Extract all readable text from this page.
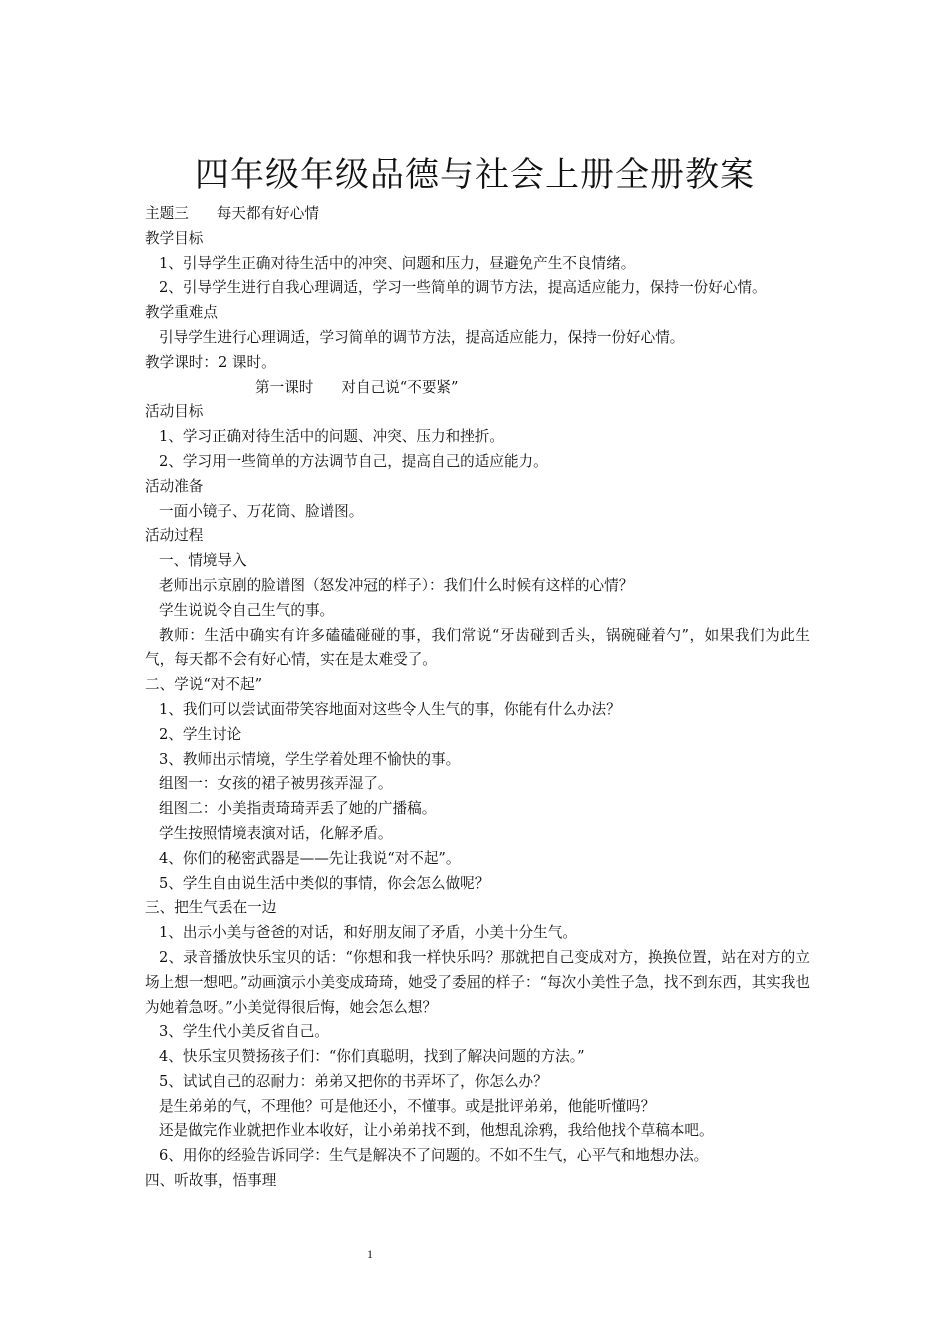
四年级年级品德与社会上册全册教案
主题三 每天都有好心情
教学目标
1、引导学生正确对待生活中的冲突、问题和压力，昼避免产生不良情绪。
2、引导学生进行自我心理调适，学习一些简单的调节方法，提高适应能力，保持一份好心情。
教学重难点
引导学生进行心理调适，学习简单的调节方法，提高适应能力，保持一份好心情。
教学课时：2 课时。
第一课时 对自己说“不要紧”
活动目标
1、学习正确对待生活中的问题、冲突、压力和挫折。
2、学习用一些简单的方法调节自己，提高自己的适应能力。
活动准备
一面小镜子、万花筒、脸谱图。
活动过程
一、情境导入
老师出示京剧的脸谱图（怒发冲冠的样子）：我们什么时候有这样的心情？
学生说说令自己生气的事。
教师：生活中确实有许多磕磕碰碰的事，我们常说“牙齿碰到舌头，锅碗碰着勺”，如果我们为此生气，每天都不会有好心情，实在是太难受了。
二、学说“对不起”
1、我们可以尝试面带笑容地面对这些令人生气的事，你能有什么办法？
2、学生讨论
3、教师出示情境，学生学着处理不愉快的事。
组图一：女孩的裙子被男孩弄湿了。
组图二：小美指责琦琦弄丢了她的广播稿。
学生按照情境表演对话，化解矛盾。
4、你们的秘密武器是——先让我说“对不起”。
5、学生自由说生活中类似的事情，你会怎么做呢？
三、把生气丢在一边
1、出示小美与爸爸的对话，和好朋友闹了矛盾，小美十分生气。
2、录音播放快乐宝贝的话：“你想和我一样快乐吗？那就把自己变成对方，换换位置，站在对方的立场上想一想吧。”动画演示小美变成琦琦，她受了委屈的样子：“每次小美性子急，找不到东西，其实我也为她着急呀。”小美觉得很后悔，她会怎么想？
3、学生代小美反省自己。
4、快乐宝贝赞扬孩子们：“你们真聪明，找到了解决问题的方法。”
5、试试自己的忍耐力：弟弟又把你的书弄坏了，你怎么办？
是生弟弟的气，不理他？可是他还小，不懂事。或是批评弟弟，他能听懂吗？
还是做完作业就把作业本收好，让小弟弟找不到，他想乱涂鸦，我给他找个草稿本吧。
6、用你的经验告诉同学：生气是解决不了问题的。不如不生气，心平气和地想办法。
四、听故事，悟事理
1
